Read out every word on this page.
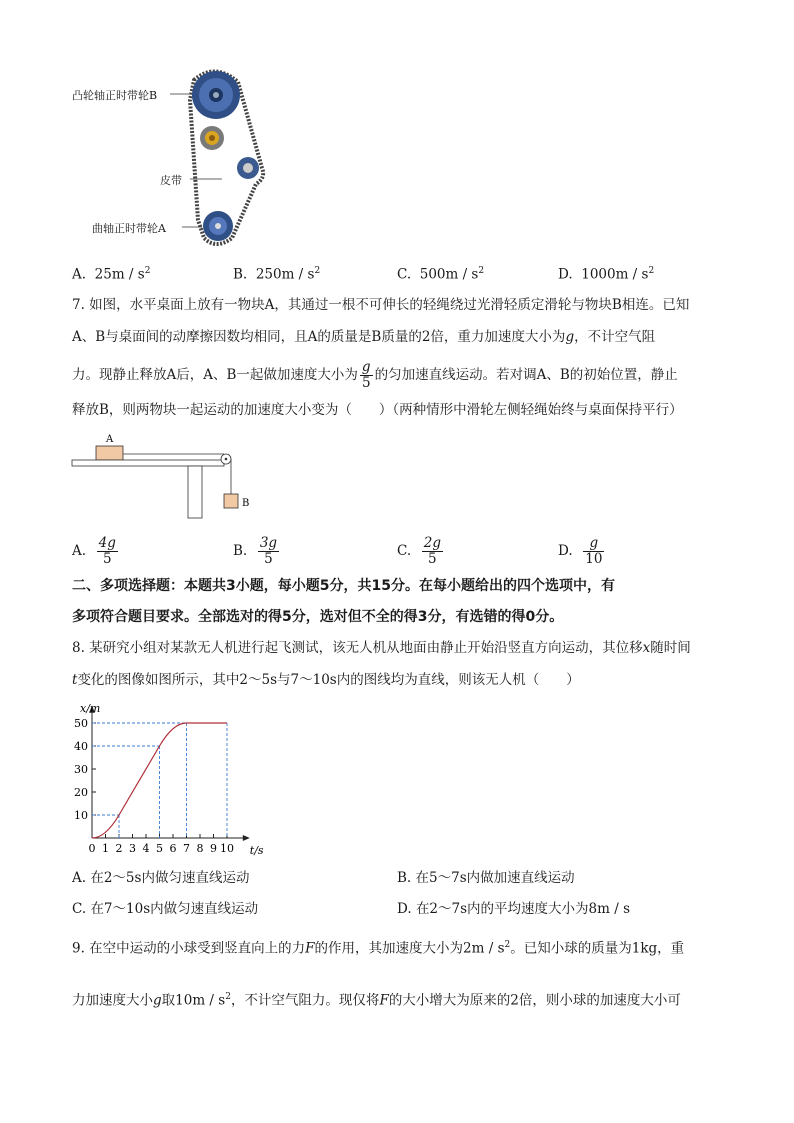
凸轮轴正时带轮B
皮带
曲轴正时带轮A
A. $25m / s^2$	B. $250m / s^2$	C. $500m / s^2$	D. $1000m / s^2$
7. 如图，水平桌面上放有一物块A，其通过一根不可伸长的轻绳绕过光滑轻质定滑轮与物块B相连。已知
A、B与桌面间的动摩擦因数均相同，且A的质量是B质量的2倍，重力加速度大小为g，不计空气阻
力。现静止释放A后，A、B一起做加速度大小为 $\frac{g}{5}$ 的匀加速直线运动。若对调A、B的初始位置，静止
释放B，则两物块一起运动的加速度大小变为（　　）（两种情形中滑轮左侧轻绳始终与桌面保持平行）
A
B
A. $\frac{4g}{5}$	B. $\frac{3g}{5}$	C. $\frac{2g}{5}$	D. $\frac{g}{10}$
二、多项选择题：本题共3小题，每小题5分，共15分。在每小题给出的四个选项中，有
多项符合题目要求。全部选对的得5分，选对但不全的得3分，有选错的得0分。
8. 某研究小组对某款无人机进行起飞测试，该无人机从地面由静止开始沿竖直方向运动，其位移x随时间
t变化的图像如图所示，其中2～5s与7～10s内的图线均为直线，则该无人机（　　）
10
20
30
40
50
0 1 2 3 4 5 6 7 8 9 10
x/m
t/s
A. 在2～5s内做匀速直线运动	B. 在5～7s内做加速直线运动
C. 在7～10s内做匀速直线运动	D. 在2～7s内的平均速度大小为8m / s
9. 在空中运动的小球受到竖直向上的力F的作用，其加速度大小为$2m / s^2$。已知小球的质量为1kg，重
力加速度大小g取$10m / s^2$，不计空气阻力。现仅将F的大小增大为原来的2倍，则小球的加速度大小可
